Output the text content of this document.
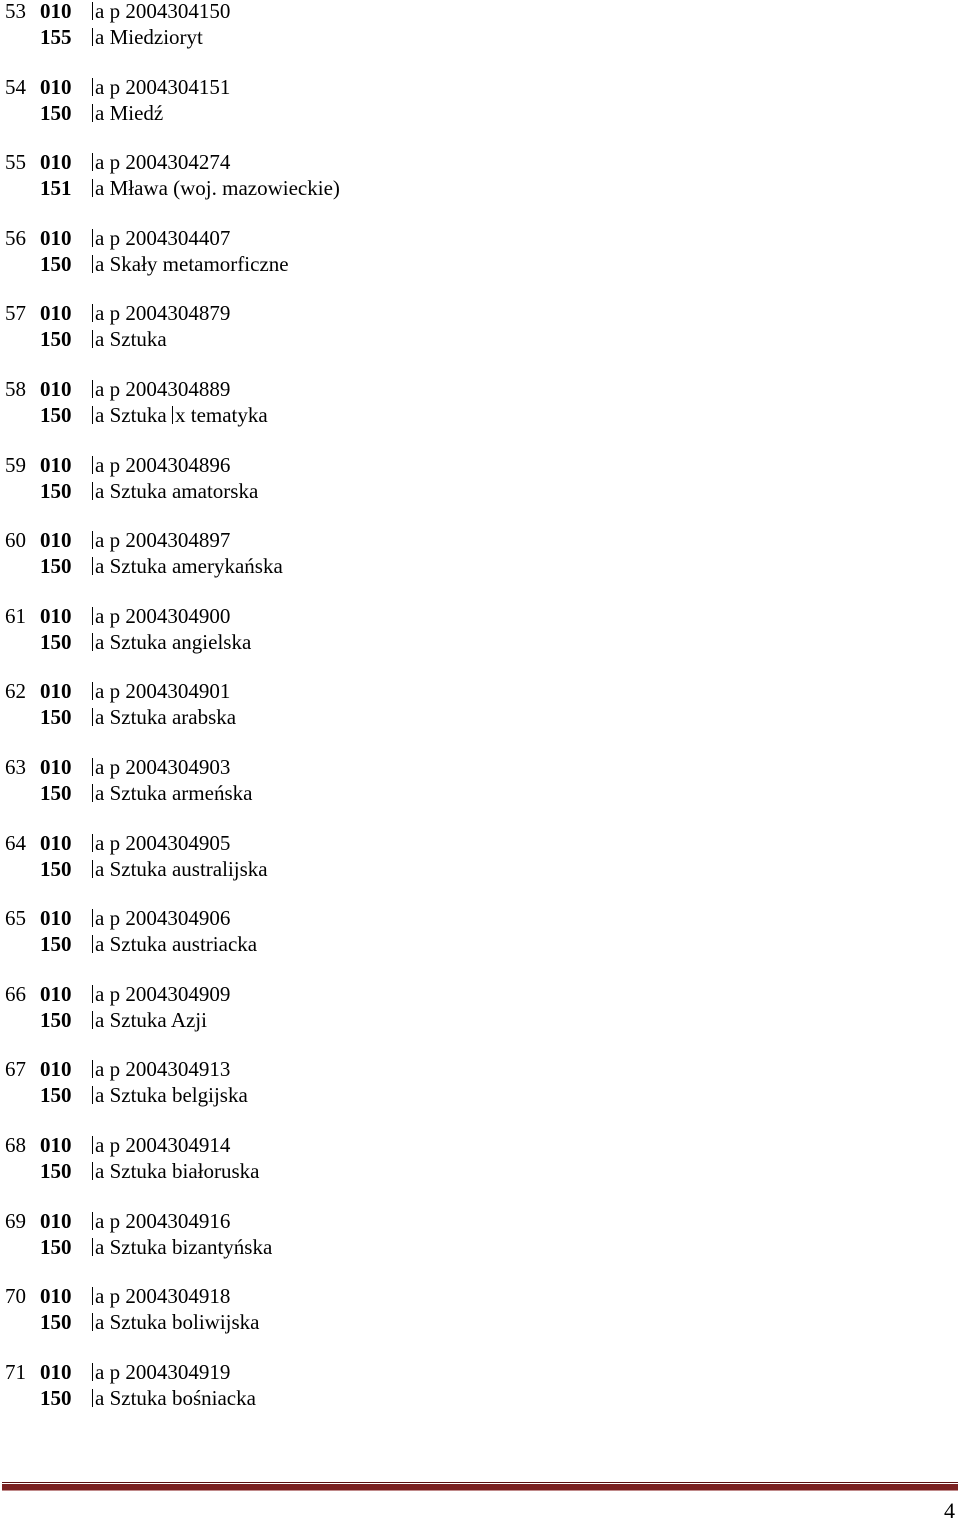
53 010 a p 2004304150
155 a Miedzioryt
54 010 a p 2004304151
150 a Miedź
55 010 a p 2004304274
151 a Mława (woj. mazowieckie)
56 010 a p 2004304407
150 a Skały metamorficzne
57 010 a p 2004304879
150 a Sztuka
58 010 a p 2004304889
150 a Sztuka x tematyka
59 010 a p 2004304896
150 a Sztuka amatorska
60 010 a p 2004304897
150 a Sztuka amerykańska
61 010 a p 2004304900
150 a Sztuka angielska
62 010 a p 2004304901
150 a Sztuka arabska
63 010 a p 2004304903
150 a Sztuka armeńska
64 010 a p 2004304905
150 a Sztuka australijska
65 010 a p 2004304906
150 a Sztuka austriacka
66 010 a p 2004304909
150 a Sztuka Azji
67 010 a p 2004304913
150 a Sztuka belgijska
68 010 a p 2004304914
150 a Sztuka białoruska
69 010 a p 2004304916
150 a Sztuka bizantyńska
70 010 a p 2004304918
150 a Sztuka boliwijska
71 010 a p 2004304919
150 a Sztuka bośniacka
4
